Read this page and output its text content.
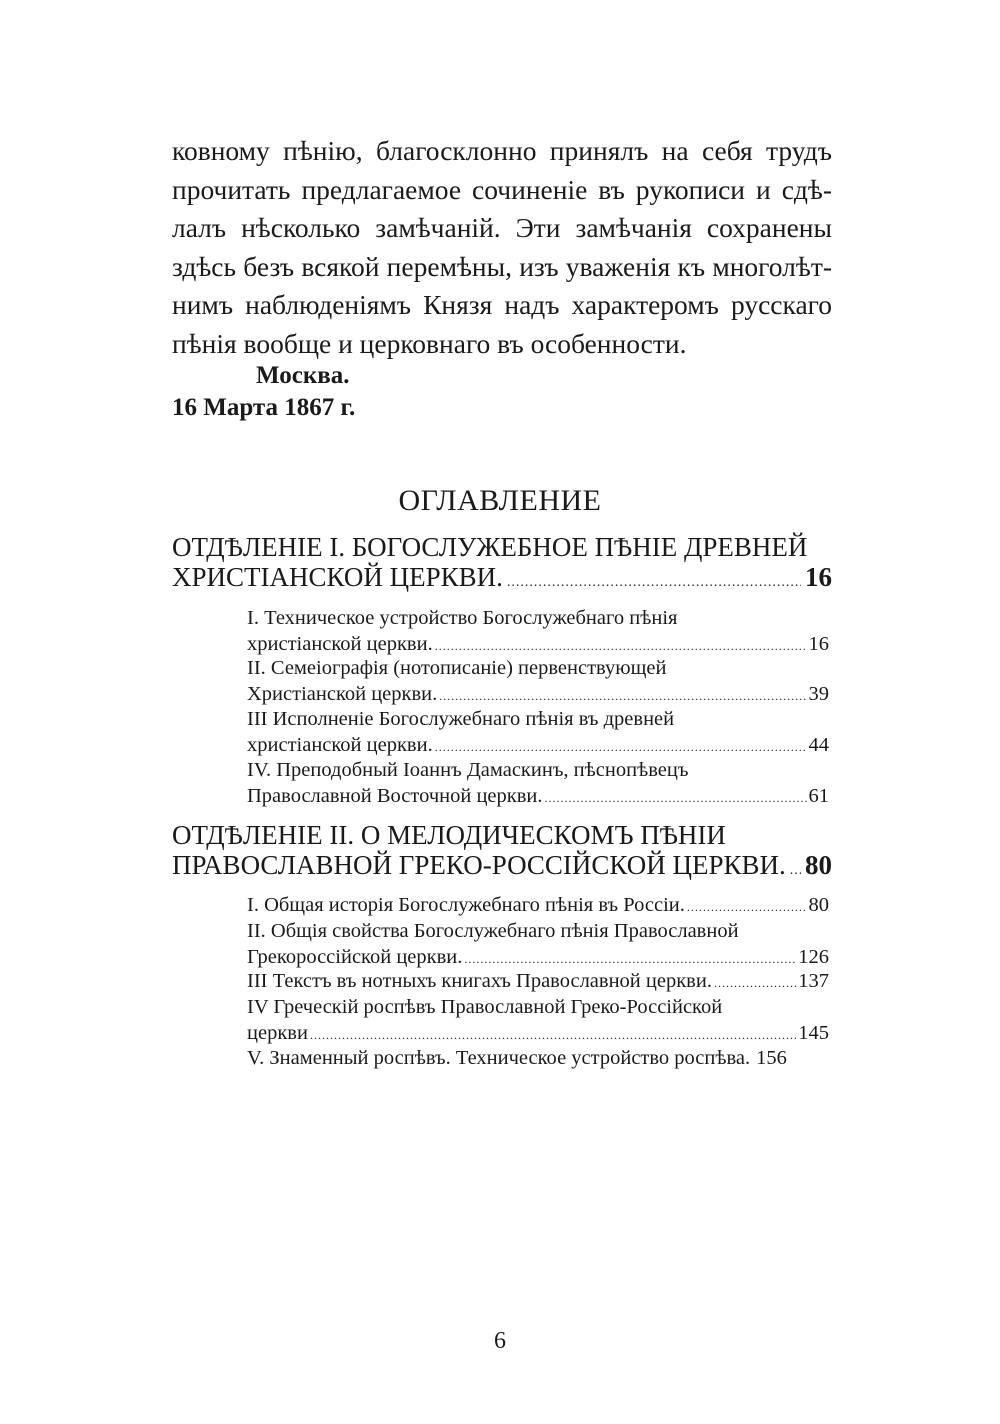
ковному пѣнію, благосклонно принялъ на себя трудъ
прочитать предлагаемое сочиненіе въ рукописи и сдѣ-
лалъ нѣсколько замѣчаній. Эти замѣчанія сохранены
здѣсь безъ всякой перемѣны, изъ уваженія къ многолѣт-
нимъ наблюденіямъ Князя надъ характеромъ русскаго
пѣнія вообще и церковнаго въ особенности.
Москва.
16 Марта 1867 г.
ОГЛАВЛЕНИЕ
ОТДѢЛЕНІЕ I. БОГОСЛУЖЕБНОЕ ПѢНІЕ ДРЕВНЕЙ
ХРИСТІАНСКОЙ ЦЕРКВИ. .....	16
I. Техническое устройство Богослужебнаго пѣнія
христіанской церкви. .....	16
II. Семеіографія (нотописаніе) первенствующей
Христіанской церкви. .....	39
III Исполненіе Богослужебнаго пѣнія въ древней
христіанской церкви. .....	44
IV. Преподобный Іоаннъ Дамаскинъ, пѣснопѣвецъ
Православной Восточной церкви. .....	61
ОТДѢЛЕНІЕ II. О МЕЛОДИЧЕСКОМЪ ПѢНІИ
ПРАВОСЛАВНОЙ ГРЕКО-РОССІЙСКОЙ ЦЕРКВИ. ..... 80
I. Общая исторія Богослужебнаго пѣнія въ Россіи. .....	80
II. Общія свойства Богослужебнаго пѣнія Православной
Грекороссійской церкви. .....	126
III Текстъ въ нотныхъ книгахъ Православной церкви. .....	137
IV Греческій роспѣвъ Православной Греко-Россійской
церкви .....	145
V. Знаменный роспѣвъ. Техническое устройство роспѣва. 156
6
